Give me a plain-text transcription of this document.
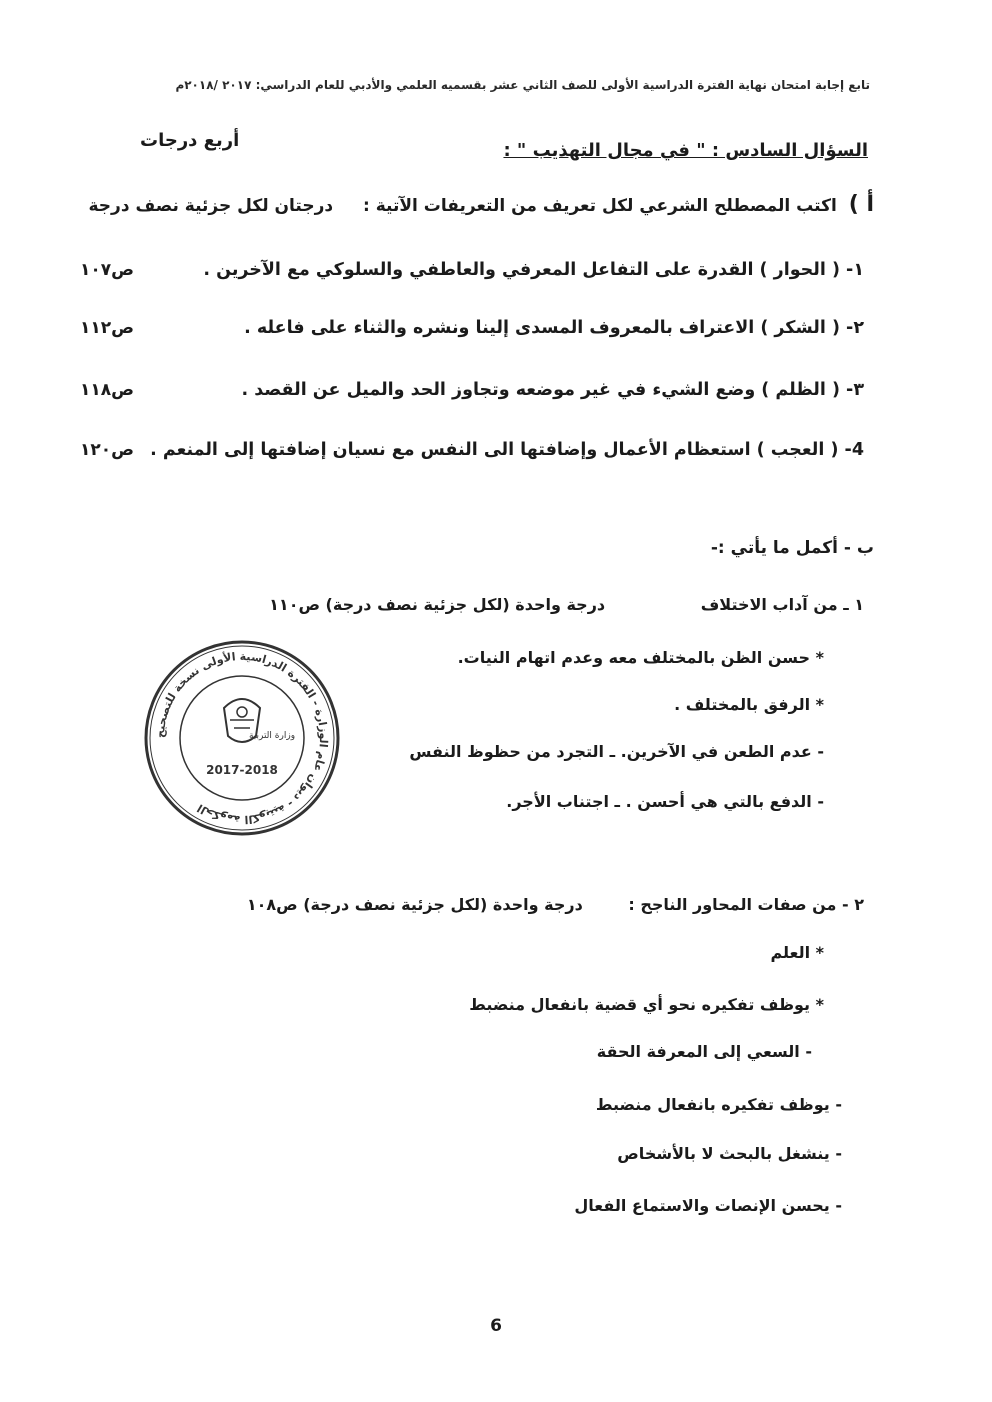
تابع إجابة امتحان نهاية الفترة الدراسية الأولى للصف الثاني عشر بقسميه العلمي والأدبي للعام الدراسي: ٢٠١٧ /٢٠١٨م
السؤال السادس : " في مجال التهذيب " :
أربع درجات
أ ) اكتب المصطلح الشرعي لكل تعريف من التعريفات الآتية : درجتان لكل جزئية نصف درجة
١- ( الحوار ) القدرة على التفاعل المعرفي والعاطفي والسلوكي مع الآخرين .
ص١٠٧
٢- ( الشكر ) الاعتراف بالمعروف المسدى إلينا ونشره والثناء على فاعله .
ص١١٢
٣- ( الظلم ) وضع الشيء في غير موضعه وتجاوز الحد والميل عن القصد .
ص١١٨
4- ( العجب ) استعظام الأعمال وإضافتها الى النفس مع نسيان إضافتها إلى المنعم .
ص١٢٠
ب - أكمل ما يأتي :-
١ ـ من آداب الاختلاف درجة واحدة (لكل جزئية نصف درجة) ص١١٠
* حسن الظن بالمختلف معه وعدم اتهام النيات.
* الرفق بالمختلف .
- عدم الطعن في الآخرين. ـ التجرد من حظوظ النفس
- الدفع بالتي هي أحسن . ـ اجتناب الأجر.
٢ - من صفات المحاور الناجح : درجة واحدة (لكل جزئية نصف درجة) ص١٠٨
* العلم
* يوظف تفكيره نحو أي قضية بانفعال منضبط
- السعي إلى المعرفة الحقة
- يوظف تفكيره بانفعال منضبط
- ينشغل بالبحث لا بالأشخاص
- يحسن الإنصات والاستماع الفعال
الحكومة الكويتية - ديوان عام الوزارة - الفترة الدراسية الأولى نسخة للتصحيح
وزارة التربية
2017-2018
6
